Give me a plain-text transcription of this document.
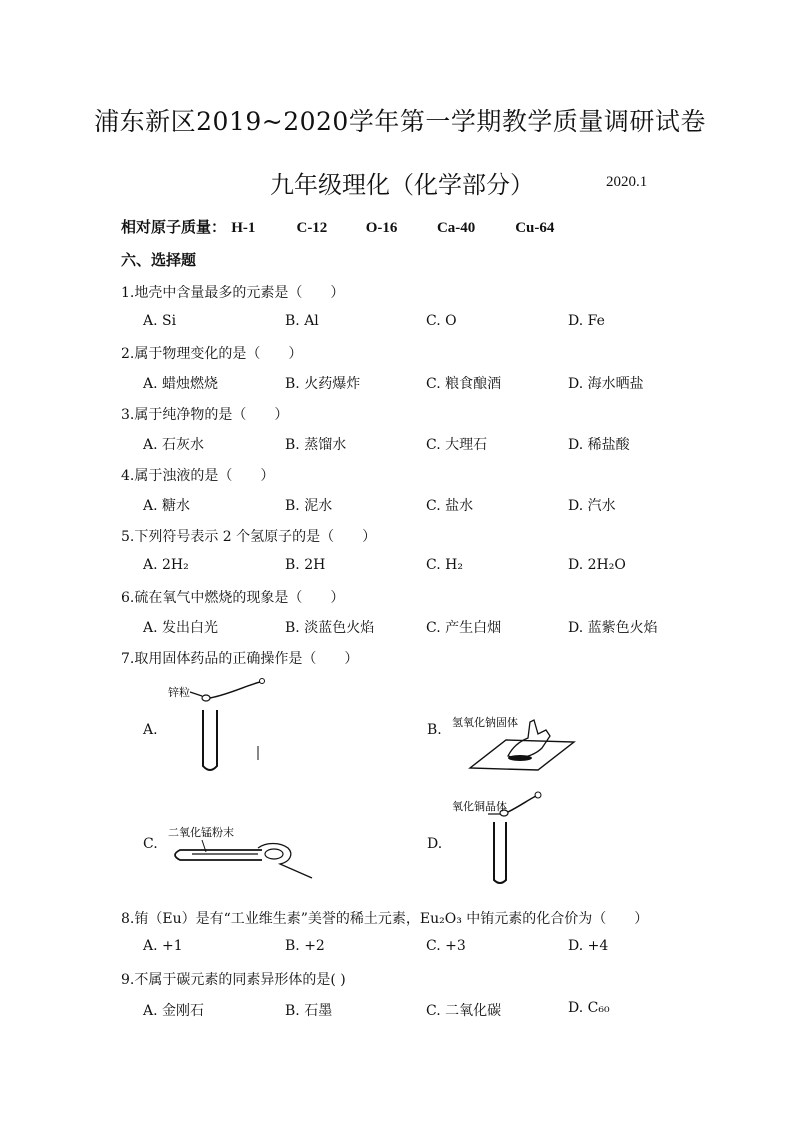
浦东新区2019~2020学年第一学期教学质量调研试卷
九年级理化（化学部分）	2020.1
相对原子质量： H-1	C-12	O-16	Ca-40	Cu-64
六、选择题
1.地壳中含量最多的元素是（　　）
A. Si	B. Al	C. O	D. Fe
2.属于物理变化的是（　　）
A. 蜡烛燃烧	B. 火药爆炸	C. 粮食酿酒	D. 海水晒盐
3.属于纯净物的是（　　）
A. 石灰水	B. 蒸馏水	C. 大理石	D. 稀盐酸
4.属于浊液的是（　　）
A. 糖水	B. 泥水	C. 盐水	D. 汽水
5.下列符号表示 2 个氢原子的是（　　）
A. 2H₂	B. 2H	C. H₂	D. 2H₂O
6.硫在氧气中燃烧的现象是（　　）
A. 发出白光	B. 淡蓝色火焰	C. 产生白烟	D. 蓝紫色火焰
7.取用固体药品的正确操作是（　　）
A.	B.
C.	D.
锌粒
氢氧化钠固体
二氧化锰粉末
氧化铜晶体
8.铕（Eu）是有“工业维生素”美誉的稀土元素，Eu₂O₃ 中铕元素的化合价为（　　）
A. +1	B. +2	C. +3	D. +4
9.不属于碳元素的同素异形体的是( )
A. 金刚石	B. 石墨	C. 二氧化碳	D. C₆₀
